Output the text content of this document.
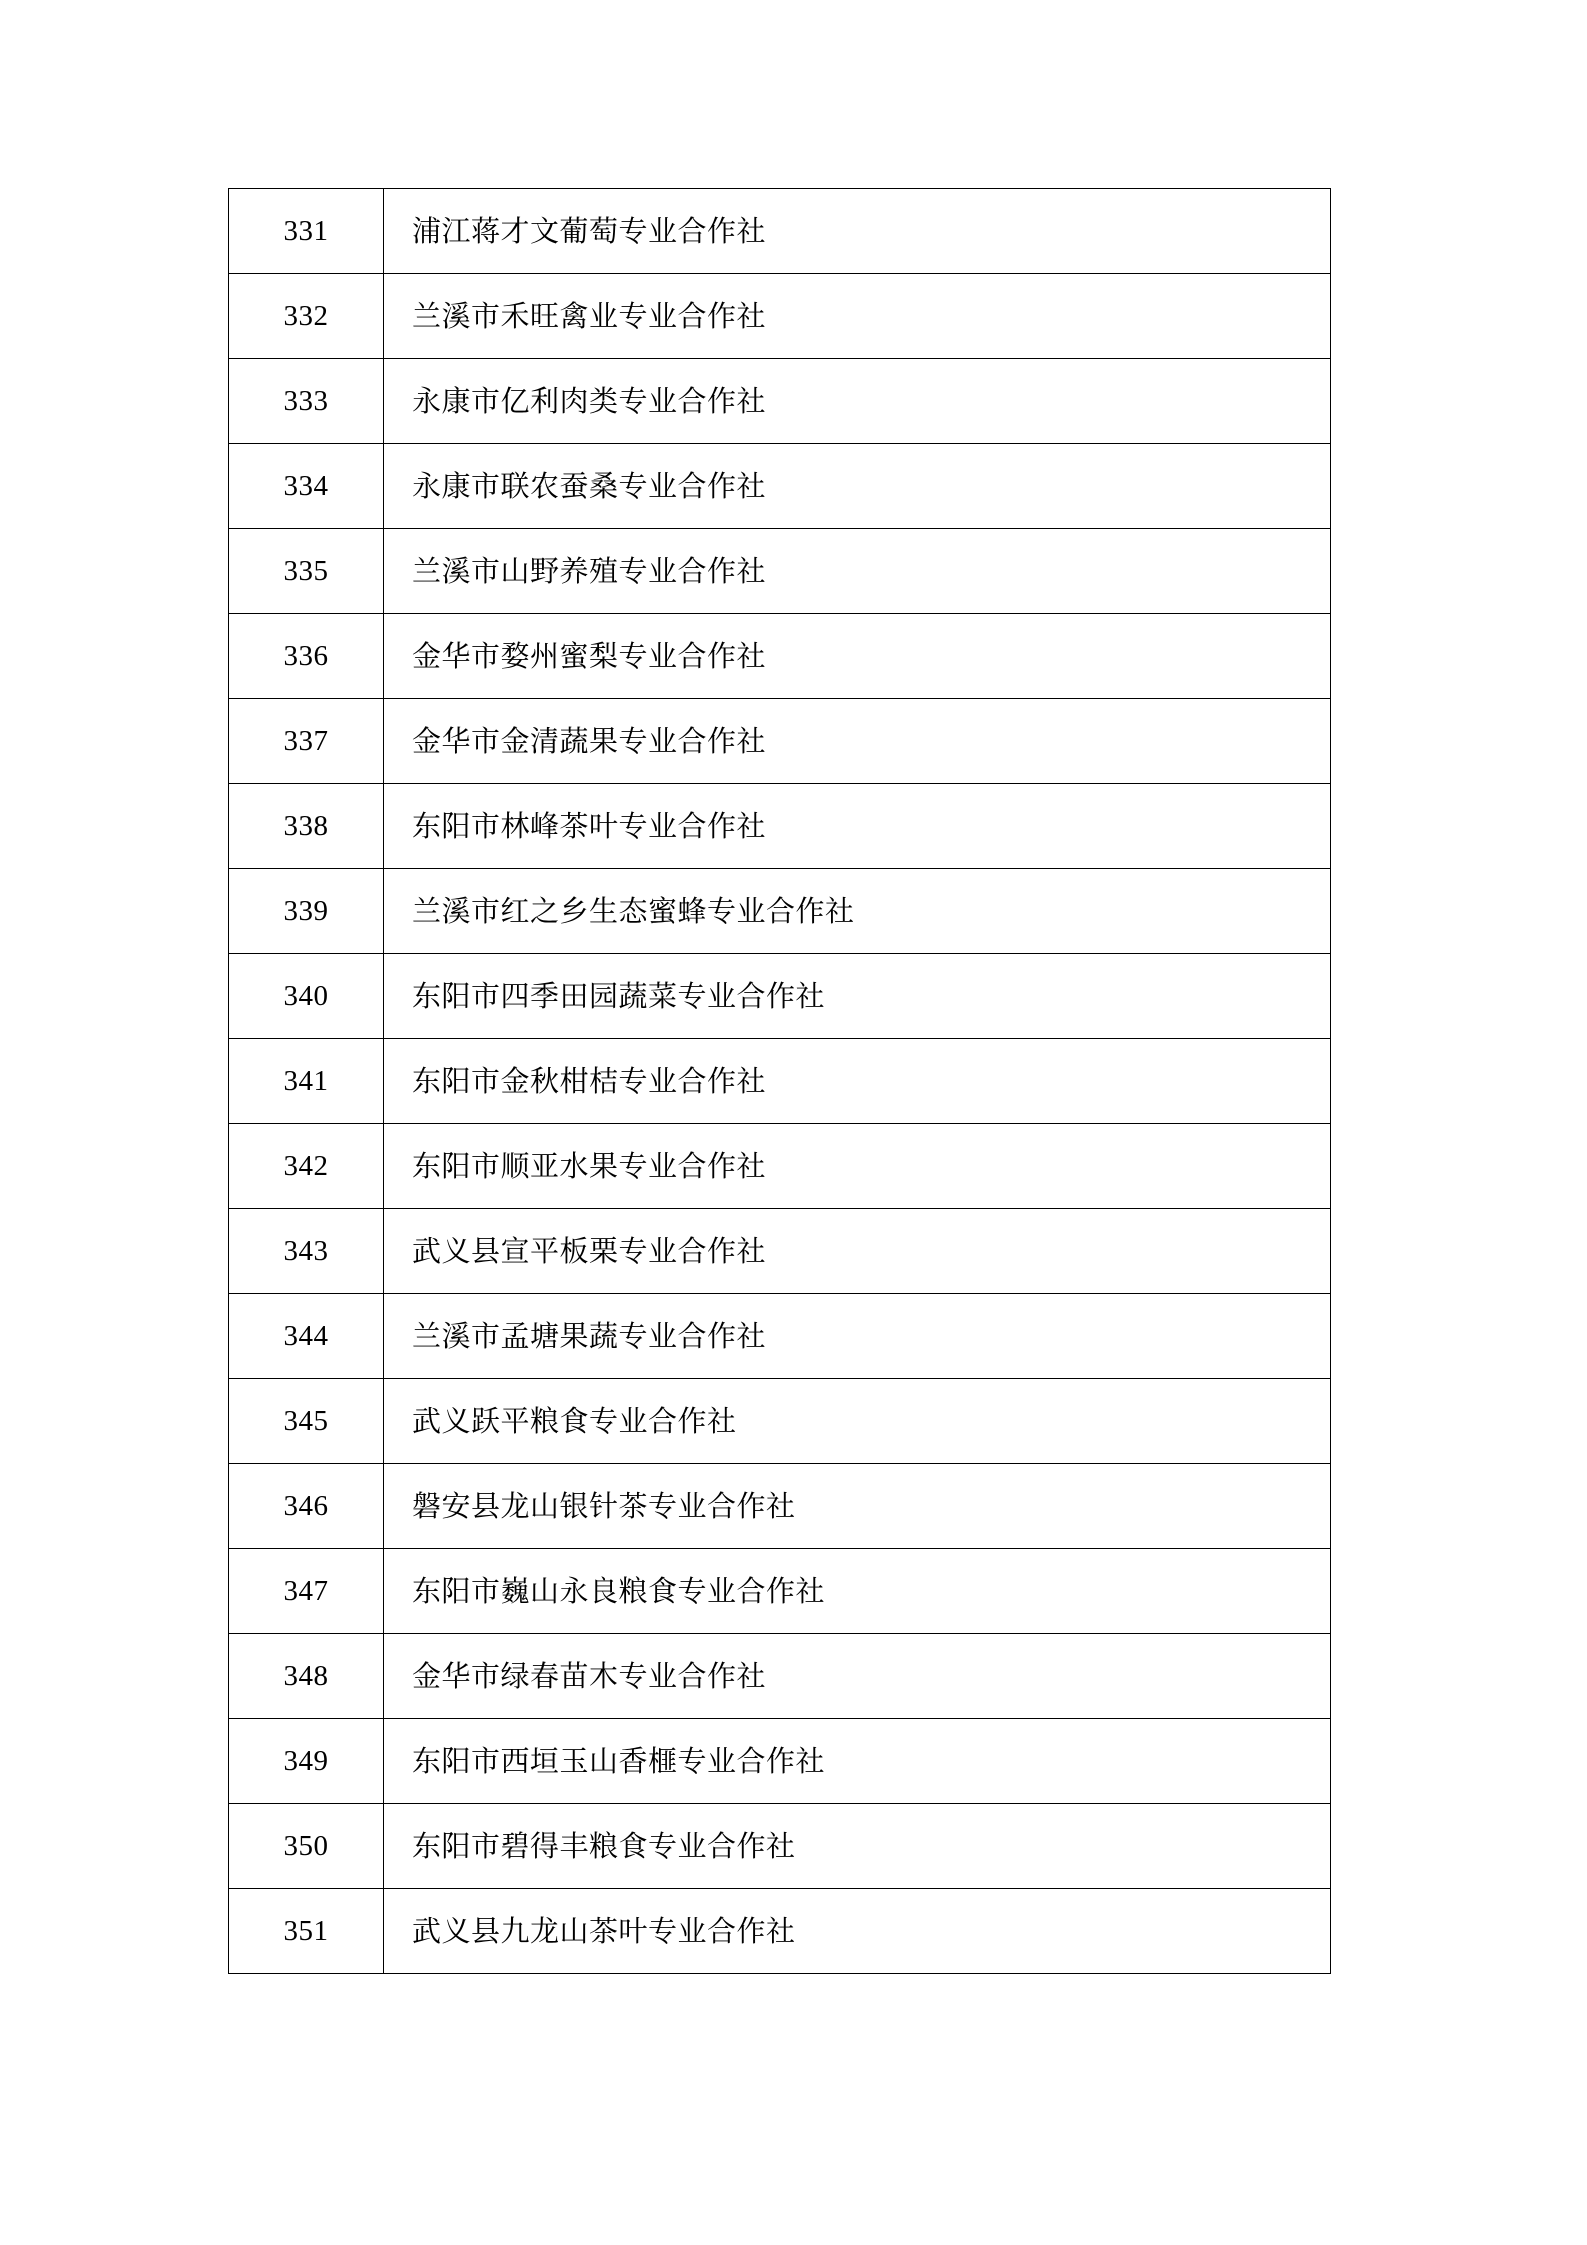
331	浦江蒋才文葡萄专业合作社
332	兰溪市禾旺禽业专业合作社
333	永康市亿利肉类专业合作社
334	永康市联农蚕桑专业合作社
335	兰溪市山野养殖专业合作社
336	金华市婺州蜜梨专业合作社
337	金华市金清蔬果专业合作社
338	东阳市林峰茶叶专业合作社
339	兰溪市红之乡生态蜜蜂专业合作社
340	东阳市四季田园蔬菜专业合作社
341	东阳市金秋柑桔专业合作社
342	东阳市顺亚水果专业合作社
343	武义县宣平板栗专业合作社
344	兰溪市孟塘果蔬专业合作社
345	武义跃平粮食专业合作社
346	磐安县龙山银针茶专业合作社
347	东阳市巍山永良粮食专业合作社
348	金华市绿春苗木专业合作社
349	东阳市西垣玉山香榧专业合作社
350	东阳市碧得丰粮食专业合作社
351	武义县九龙山茶叶专业合作社
